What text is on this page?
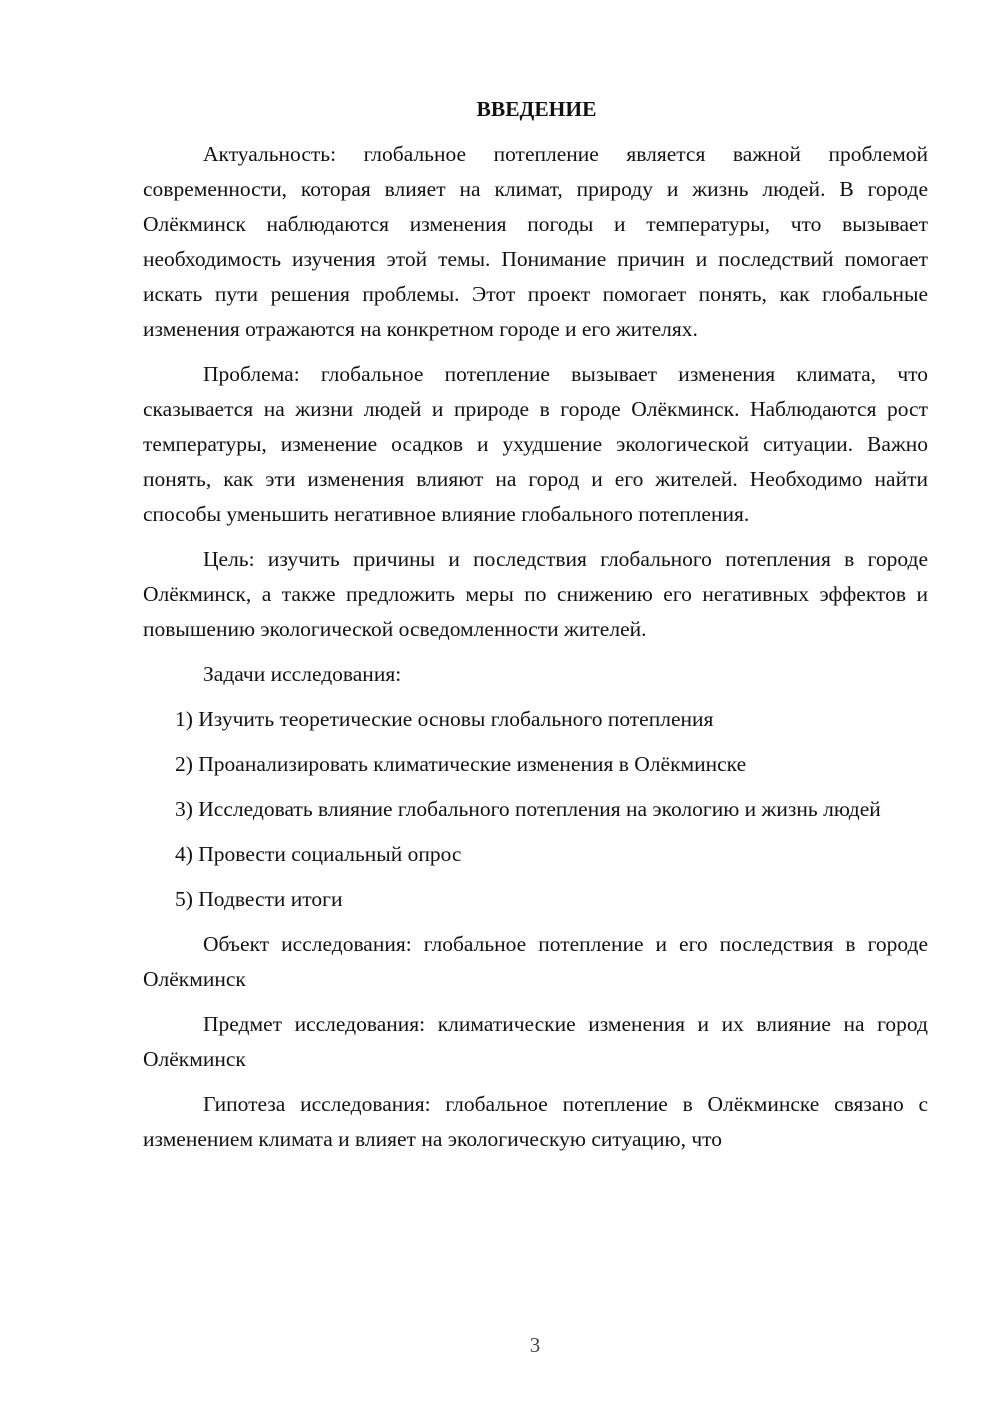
ВВЕДЕНИЕ
Актуальность: глобальное потепление является важной проблемой современности, которая влияет на климат, природу и жизнь людей. В городе Олёкминск наблюдаются изменения погоды и температуры, что вызывает необходимость изучения этой темы. Понимание причин и последствий помогает искать пути решения проблемы. Этот проект помогает понять, как глобальные изменения отражаются на конкретном городе и его жителях.
Проблема: глобальное потепление вызывает изменения климата, что сказывается на жизни людей и природе в городе Олёкминск. Наблюдаются рост температуры, изменение осадков и ухудшение экологической ситуации. Важно понять, как эти изменения влияют на город и его жителей. Необходимо найти способы уменьшить негативное влияние глобального потепления.
Цель: изучить причины и последствия глобального потепления в городе Олёкминск, а также предложить меры по снижению его негативных эффектов и повышению экологической осведомленности жителей.
Задачи исследования:
1) Изучить теоретические основы глобального потепления
2) Проанализировать климатические изменения в Олёкминске
3) Исследовать влияние глобального потепления на экологию и жизнь людей
4) Провести социальный опрос
5) Подвести итоги
Объект исследования: глобальное потепление и его последствия в городе Олёкминск
Предмет исследования: климатические изменения и их влияние на город Олёкминск
Гипотеза исследования: глобальное потепление в Олёкминске связано с изменением климата и влияет на экологическую ситуацию, что
3
